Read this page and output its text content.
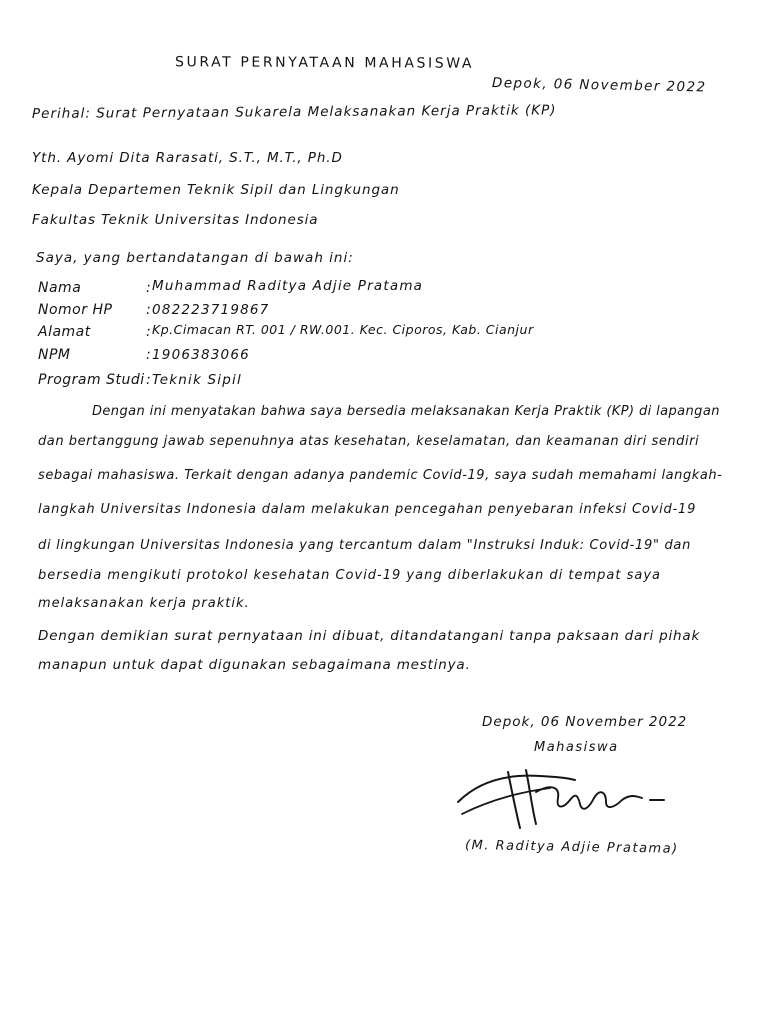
SURAT PERNYATAAN MAHASISWA
Depok, 06 November 2022
Perihal: Surat Pernyataan Sukarela Melaksanakan Kerja Praktik (KP)
Yth. Ayomi Dita Rarasati, S.T., M.T., Ph.D
Kepala Departemen Teknik Sipil dan Lingkungan
Fakultas Teknik Universitas Indonesia
Saya, yang bertandatangan di bawah ini:
Nama	: Muhammad Raditya Adjie Pratama
Nomor HP : 082223719867
Alamat	: Kp.Cimacan RT. 001 / RW.001. Kec. Ciporos, Kab. Cianjur
NPM	: 1906383066
Program Studi : Teknik Sipil
Dengan ini menyatakan bahwa saya bersedia melaksanakan Kerja Praktik (KP) di lapangan
dan bertanggung jawab sepenuhnya atas kesehatan, keselamatan, dan keamanan diri sendiri
sebagai mahasiswa. Terkait dengan adanya pandemic Covid-19, saya sudah memahami langkah-
langkah Universitas Indonesia dalam melakukan pencegahan penyebaran infeksi Covid-19
di lingkungan Universitas Indonesia yang tercantum dalam "Instruksi Induk: Covid-19" dan
bersedia mengikuti protokol kesehatan Covid-19 yang diberlakukan di tempat saya
melaksanakan kerja praktik.
Dengan demikian surat pernyataan ini dibuat, ditandatangani tanpa paksaan dari pihak
manapun untuk dapat digunakan sebagaimana mestinya.
Depok, 06 November 2022
Mahasiswa
(M. Raditya Adjie Pratama)
